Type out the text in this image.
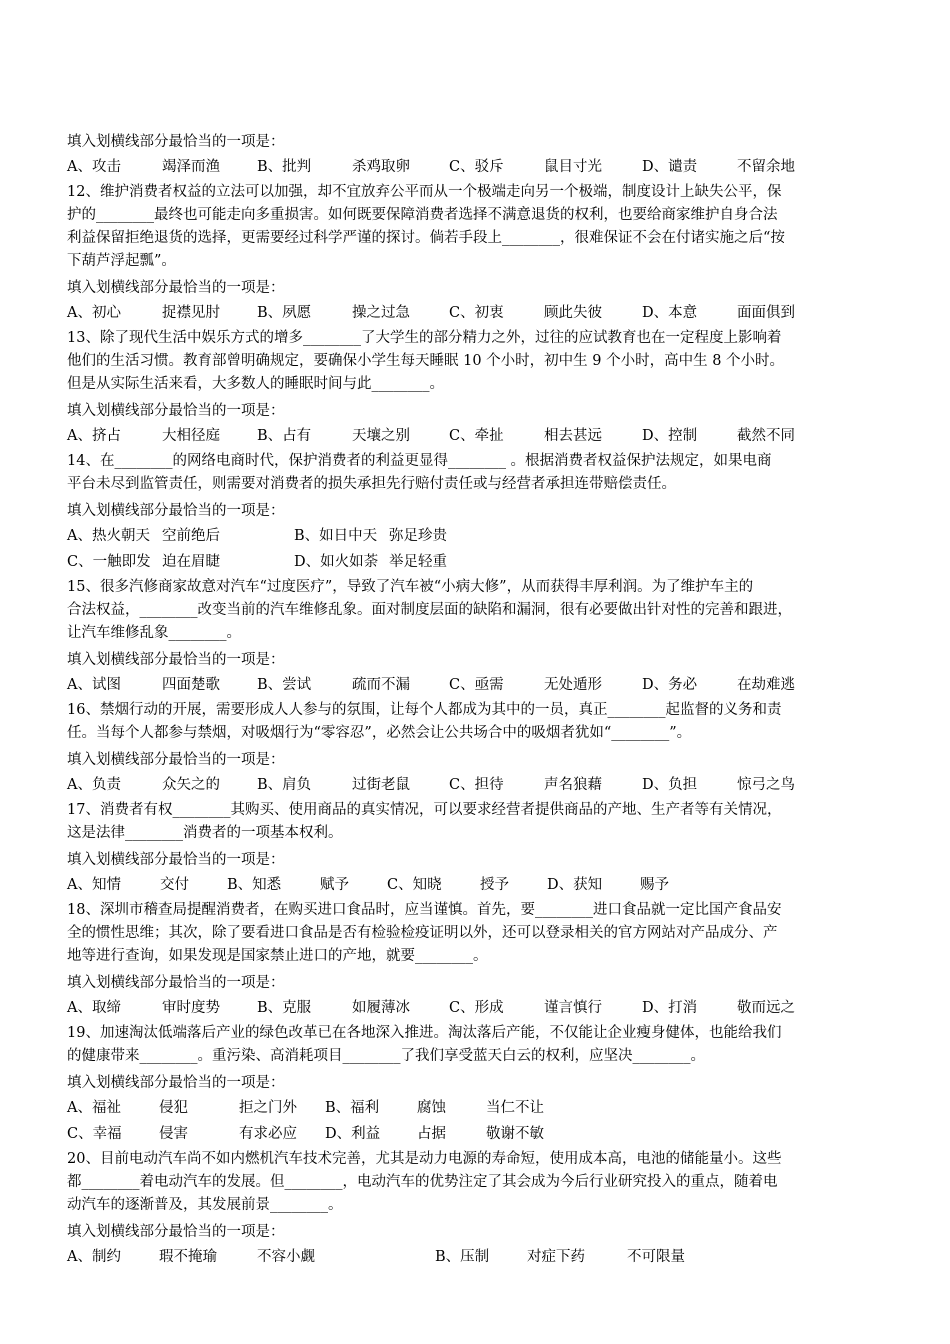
填入划横线部分最恰当的一项是：
A、攻击	竭泽而渔	B、批判	杀鸡取卵	C、驳斥	鼠目寸光	D、谴责	不留余地
12、维护消费者权益的立法可以加强，却不宜放弃公平而从一个极端走向另一个极端，制度设计上缺失公平，保
护的________最终也可能走向多重损害。如何既要保障消费者选择不满意退货的权利，也要给商家维护自身合法
利益保留拒绝退货的选择，更需要经过科学严谨的探讨。倘若手段上________，很难保证不会在付诸实施之后“按
下葫芦浮起瓢”。
填入划横线部分最恰当的一项是：
A、初心	捉襟见肘	B、夙愿	操之过急	C、初衷	顾此失彼	D、本意	面面俱到
13、除了现代生活中娱乐方式的增多________了大学生的部分精力之外，过往的应试教育也在一定程度上影响着
他们的生活习惯。教育部曾明确规定，要确保小学生每天睡眠 10 个小时，初中生 9 个小时，高中生 8 个小时。
但是从实际生活来看，大多数人的睡眠时间与此________。
填入划横线部分最恰当的一项是：
A、挤占	大相径庭	B、占有	天壤之别	C、牵扯	相去甚远	D、控制	截然不同
14、在________的网络电商时代，保护消费者的利益更显得________ 。根据消费者权益保护法规定，如果电商
平台未尽到监管责任，则需要对消费者的损失承担先行赔付责任或与经营者承担连带赔偿责任。
填入划横线部分最恰当的一项是：
A、热火朝天 空前绝后	B、如日中天 弥足珍贵
C、一触即发 迫在眉睫	D、如火如荼 举足轻重
15、很多汽修商家故意对汽车“过度医疗”，导致了汽车被“小病大修”，从而获得丰厚利润。为了维护车主的
合法权益，________改变当前的汽车维修乱象。面对制度层面的缺陷和漏洞，很有必要做出针对性的完善和跟进，
让汽车维修乱象________。
填入划横线部分最恰当的一项是：
A、试图	四面楚歌	B、尝试	疏而不漏	C、亟需	无处遁形	D、务必	在劫难逃
16、禁烟行动的开展，需要形成人人参与的氛围，让每个人都成为其中的一员，真正________起监督的义务和责
任。当每个人都参与禁烟，对吸烟行为“零容忍”，必然会让公共场合中的吸烟者犹如“________”。
填入划横线部分最恰当的一项是：
A、负责	众矢之的	B、肩负	过街老鼠	C、担待	声名狼藉	D、负担	惊弓之鸟
17、消费者有权________其购买、使用商品的真实情况，可以要求经营者提供商品的产地、生产者等有关情况，
这是法律________消费者的一项基本权利。
填入划横线部分最恰当的一项是：
A、知情	交付	B、知悉	赋予	C、知晓	授予	D、获知	赐予
18、深圳市稽查局提醒消费者，在购买进口食品时，应当谨慎。首先，要________进口食品就一定比国产食品安
全的惯性思维；其次，除了要看进口食品是否有检验检疫证明以外，还可以登录相关的官方网站对产品成分、产
地等进行查询，如果发现是国家禁止进口的产地，就要________。
填入划横线部分最恰当的一项是：
A、取缔	审时度势	B、克服	如履薄冰	C、形成	谨言慎行	D、打消	敬而远之
19、加速淘汰低端落后产业的绿色改革已在各地深入推进。淘汰落后产能，不仅能让企业瘦身健体，也能给我们
的健康带来________。重污染、高消耗项目________了我们享受蓝天白云的权利，应坚决________。
填入划横线部分最恰当的一项是：
A、福祉	侵犯	拒之门外 B、福利	腐蚀	当仁不让
C、幸福	侵害	有求必应 D、利益	占据	敬谢不敏
20、目前电动汽车尚不如内燃机汽车技术完善，尤其是动力电源的寿命短，使用成本高，电池的储能量小。这些
都________着电动汽车的发展。但________，电动汽车的优势注定了其会成为今后行业研究投入的重点，随着电
动汽车的逐渐普及，其发展前景________。
填入划横线部分最恰当的一项是：
A、制约	瑕不掩瑜	不容小觑	B、压制	对症下药	不可限量
